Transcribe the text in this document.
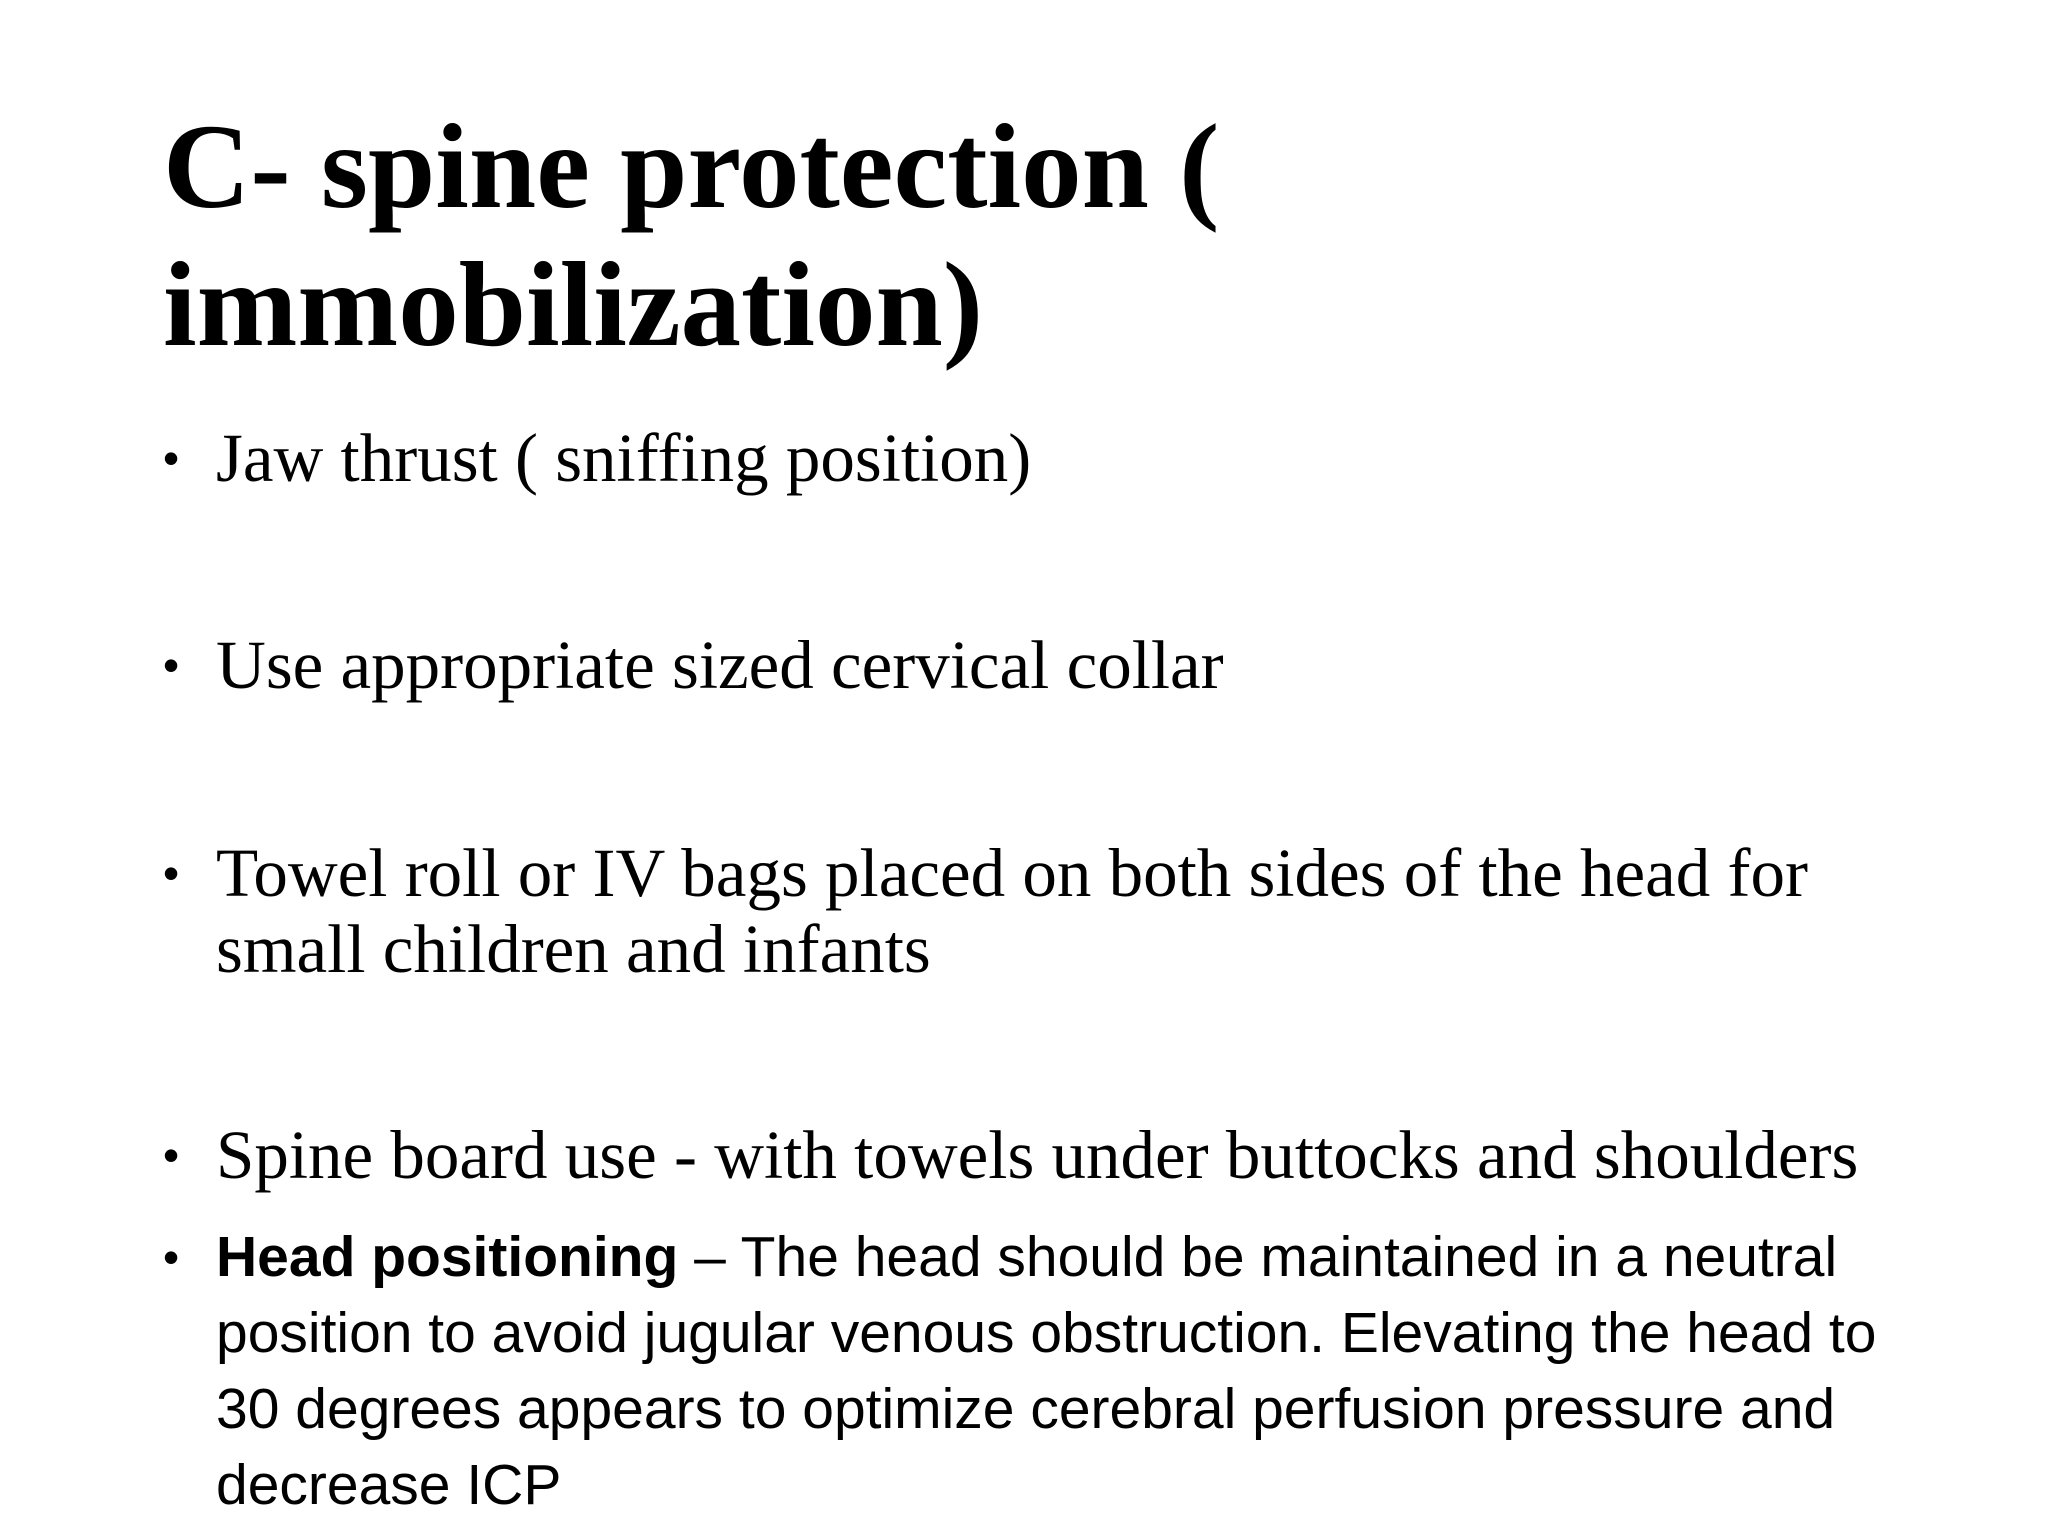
C- spine protection ( immobilization)
• Jaw thrust ( sniffing position)
• Use appropriate sized cervical collar
• Towel roll or IV bags placed on both sides of the head for small children and infants
• Spine board use - with towels under buttocks and shoulders
• Head positioning – The head should be maintained in a neutral position to avoid jugular venous obstruction. Elevating the head to 30 degrees appears to optimize cerebral perfusion pressure and decrease ICP
